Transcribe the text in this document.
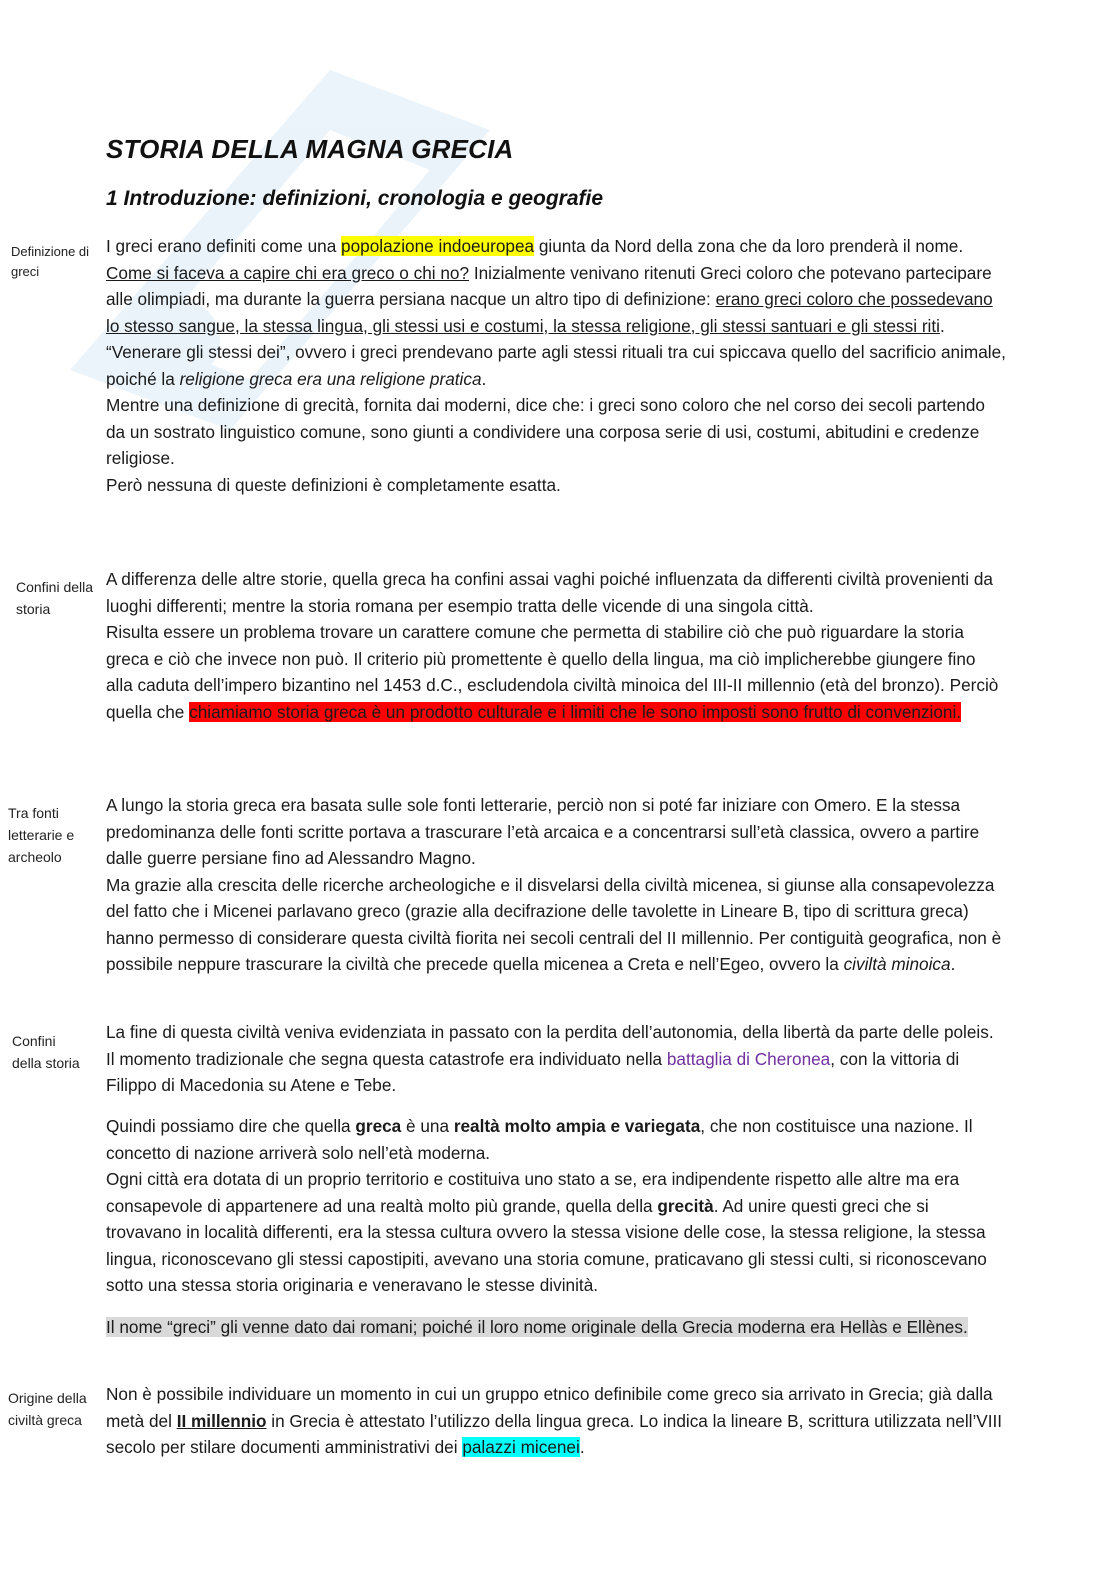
STORIA DELLA MAGNA GRECIA
1 Introduzione: definizioni, cronologia e geografie
Definizione di
greci
Confini della
storia
Tra fonti
letterarie e
archeolo
Confini
della storia
Origine della
civiltà greca

I greci erano definiti come una popolazione indoeuropea giunta da Nord della zona che da loro prenderà il nome.

Come si faceva a capire chi era greco o chi no? Inizialmente venivano ritenuti Greci coloro che potevano partecipare alle olimpiadi, ma durante la guerra persiana nacque un altro tipo di definizione: erano greci coloro che possedevano lo stesso sangue, la stessa lingua, gli stessi usi e costumi, la stessa religione, gli stessi santuari e gli stessi riti.

“Venerare gli stessi dei”, ovvero i greci prendevano parte agli stessi rituali tra cui spiccava quello del sacrificio animale, poiché la religione greca era una religione pratica.

Mentre una definizione di grecità, fornita dai moderni, dice che: i greci sono coloro che nel corso dei secoli partendo da un sostrato linguistico comune, sono giunti a condividere una corposa serie di usi, costumi, abitudini e credenze religiose.

Però nessuna di queste definizioni è completamente esatta.

A differenza delle altre storie, quella greca ha confini assai vaghi poiché influenzata da differenti civiltà provenienti da luoghi differenti; mentre la storia romana per esempio tratta delle vicende di una singola città.

Risulta essere un problema trovare un carattere comune che permetta di stabilire ciò che può riguardare la storia greca e ciò che invece non può. Il criterio più promettente è quello della lingua, ma ciò implicherebbe giungere fino alla caduta dell’impero bizantino nel 1453 d.C., escludendola civiltà minoica del III-II millennio (età del bronzo). Perciò quella che chiamiamo storia greca è un prodotto culturale e i limiti che le sono imposti sono frutto di convenzioni.

A lungo la storia greca era basata sulle sole fonti letterarie, perciò non si poté far iniziare con Omero. E la stessa predominanza delle fonti scritte portava a trascurare l’età arcaica e a concentrarsi sull’età classica, ovvero a partire dalle guerre persiane fino ad Alessandro Magno.

Ma grazie alla crescita delle ricerche archeologiche e il disvelarsi della civiltà micenea, si giunse alla consapevolezza del fatto che i Micenei parlavano greco (grazie alla decifrazione delle tavolette in Lineare B, tipo di scrittura greca) hanno permesso di considerare questa civiltà fiorita nei secoli centrali del II millennio. Per contiguità geografica, non è possibile neppure trascurare la civiltà che precede quella micenea a Creta e nell’Egeo, ovvero la civiltà minoica.

La fine di questa civiltà veniva evidenziata in passato con la perdita dell’autonomia, della libertà da parte delle poleis. Il momento tradizionale che segna questa catastrofe era individuato nella battaglia di Cheronea, con la vittoria di Filippo di Macedonia su Atene e Tebe.

Quindi possiamo dire che quella greca è una realtà molto ampia e variegata, che non costituisce una nazione. Il concetto di nazione arriverà solo nell’età moderna.

Ogni città era dotata di un proprio territorio e costituiva uno stato a se, era indipendente rispetto alle altre ma era consapevole di appartenere ad una realtà molto più grande, quella della grecità. Ad unire questi greci che si trovavano in località differenti, era la stessa cultura ovvero la stessa visione delle cose, la stessa religione, la stessa lingua, riconoscevano gli stessi capostipiti, avevano una storia comune, praticavano gli stessi culti, si riconoscevano sotto una stessa storia originaria e veneravano le stesse divinità.

Il nome “greci” gli venne dato dai romani; poiché il loro nome originale della Grecia moderna era Hellàs e Ellènes.

Non è possibile individuare un momento in cui un gruppo etnico definibile come greco sia arrivato in Grecia; già dalla metà del II millennio in Grecia è attestato l’utilizzo della lingua greca. Lo indica la lineare B, scrittura utilizzata nell’VIII secolo per stilare documenti amministrativi dei palazzi micenei.
